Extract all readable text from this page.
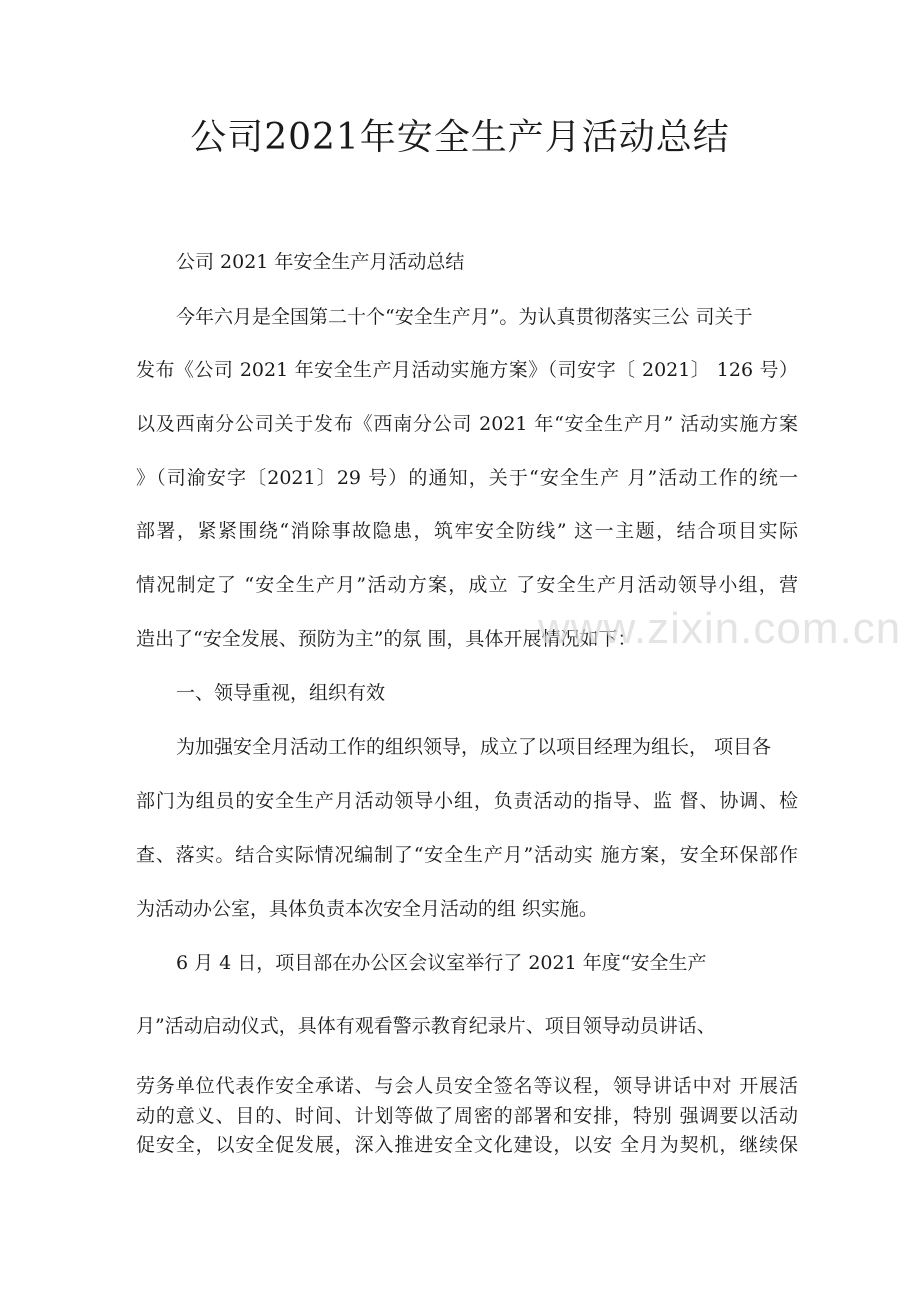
公司2021年安全生产月活动总结
公司 2021 年安全生产月活动总结
今年六月是全国第二十个“安全生产月”。为认真贯彻落实三公 司关于
发布《公司 2021 年安全生产月活动实施方案》（司安字〔 2021〕 126 号）
以及西南分公司关于发布《西南分公司 2021 年“安全生产月” 活动实施方案
》（司渝安字〔2021〕29 号）的通知，关于“安全生产 月”活动工作的统一
部署，紧紧围绕“消除事故隐患，筑牢安全防线” 这一主题，结合项目实际
情况制定了 “安全生产月”活动方案，成立 了安全生产月活动领导小组，营
造出了“安全发展、预防为主”的氛 围，具体开展情况如下：
www.zixin.com.cn
一、领导重视，组织有效
为加强安全月活动工作的组织领导，成立了以项目经理为组长， 项目各
部门为组员的安全生产月活动领导小组，负责活动的指导、监 督、协调、检
查、落实。结合实际情况编制了“安全生产月”活动实 施方案，安全环保部作
为活动办公室，具体负责本次安全月活动的组 织实施。
6 月 4 日，项目部在办公区会议室举行了 2021 年度“安全生产
月”活动启动仪式，具体有观看警示教育纪录片、项目领导动员讲话、
劳务单位代表作安全承诺、与会人员安全签名等议程，领导讲话中对 开展活
动的意义、目的、时间、计划等做了周密的部署和安排，特别 强调要以活动
促安全，以安全促发展，深入推进安全文化建设，以安 全月为契机，继续保
